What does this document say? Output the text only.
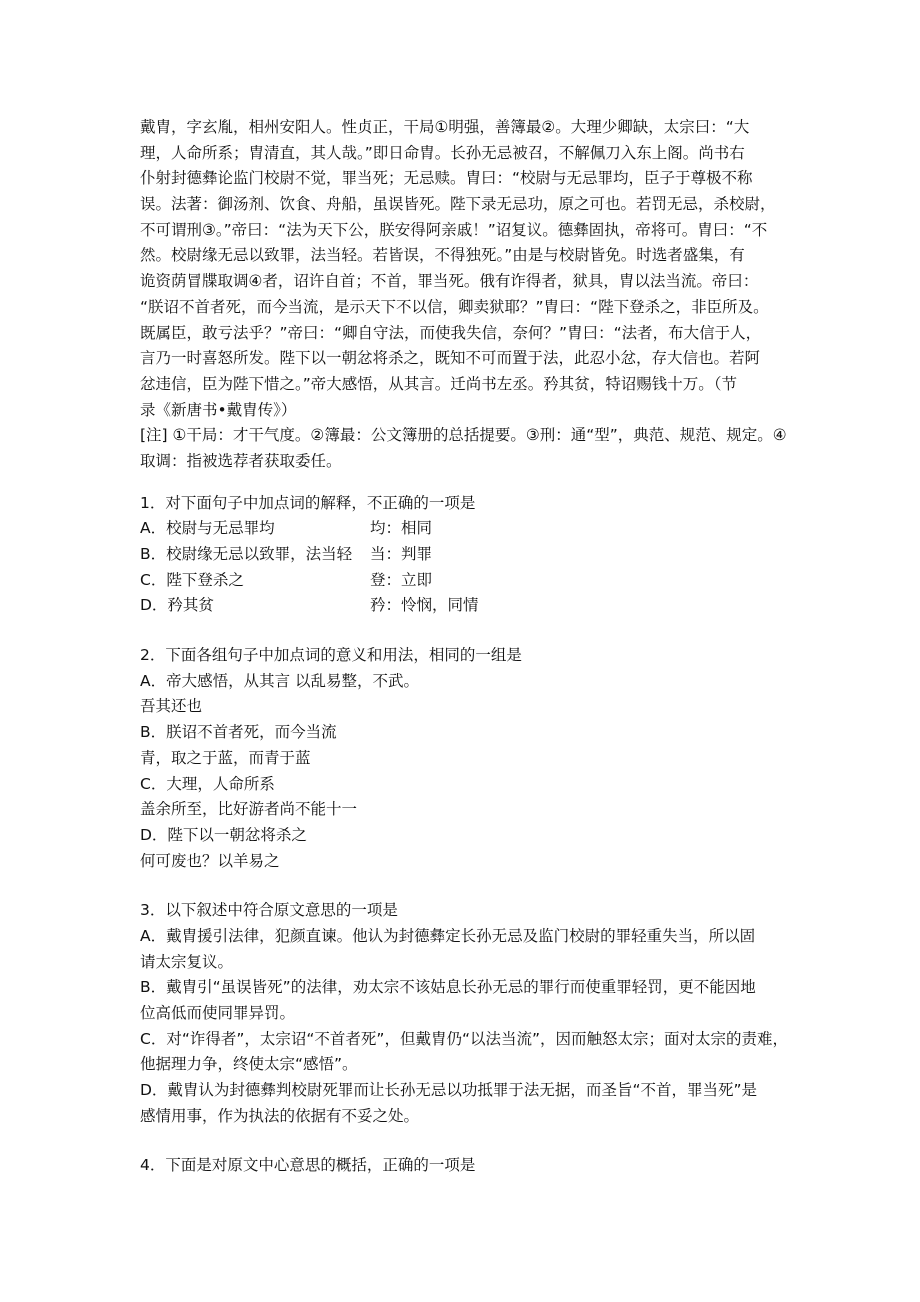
戴胄，字玄胤，相州安阳人。性贞正，干局①明强，善簿最②。大理少卿缺，太宗曰：“大
理，人命所系；胄清直，其人哉。”即日命胄。长孙无忌被召，不解佩刀入东上阁。尚书右
仆射封德彝论监门校尉不觉，罪当死；无忌赎。胄曰：“校尉与无忌罪均，臣子于尊极不称
误。法著：御汤剂、饮食、舟船，虽误皆死。陛下录无忌功，原之可也。若罚无忌，杀校尉，
不可谓刑③。”帝曰：“法为天下公，朕安得阿亲戚！”诏复议。德彝固执，帝将可。胄曰：“不
然。校尉缘无忌以致罪，法当轻。若皆误，不得独死。”由是与校尉皆免。时选者盛集，有
诡资荫冒牒取调④者，诏许自首；不首，罪当死。俄有诈得者，狱具，胄以法当流。帝曰：
“朕诏不首者死，而今当流，是示天下不以信，卿卖狱耶？”胄曰：“陛下登杀之，非臣所及。
既属臣，敢亏法乎？”帝曰：“卿自守法，而使我失信，奈何？”胄曰：“法者，布大信于人，
言乃一时喜怒所发。陛下以一朝忿将杀之，既知不可而置于法，此忍小忿，存大信也。若阿
忿违信，臣为陛下惜之。”帝大感悟，从其言。迁尚书左丞。矜其贫，特诏赐钱十万。（节
录《新唐书•戴胄传》）
[注] ①干局：才干气度。②簿最：公文簿册的总括提要。③刑：通“型”，典范、规范、规定。④
取调：指被选荐者获取委任。
1．对下面句子中加点词的解释，不正确的一项是
A．校尉与无忌罪均	均：相同
B．校尉缘无忌以致罪，法当轻	当：判罪
C．陛下登杀之	登：立即
D．矜其贫	矜：怜悯，同情
2．下面各组句子中加点词的意义和用法，相同的一组是
A．帝大感悟，从其言 以乱易整，不武。
吾其还也
B．朕诏不首者死，而今当流
青，取之于蓝，而青于蓝
C．大理，人命所系
盖余所至，比好游者尚不能十一
D．陛下以一朝忿将杀之
何可废也？以羊易之
3．以下叙述中符合原文意思的一项是
A．戴胄援引法律，犯颜直谏。他认为封德彝定长孙无忌及监门校尉的罪轻重失当，所以固
请太宗复议。
B．戴胄引“虽误皆死”的法律，劝太宗不该姑息长孙无忌的罪行而使重罪轻罚，更不能因地
位高低而使同罪异罚。
C．对“诈得者”，太宗诏“不首者死”，但戴胄仍“以法当流”，因而触怒太宗；面对太宗的责难，
他据理力争，终使太宗“感悟”。
D．戴胄认为封德彝判校尉死罪而让长孙无忌以功抵罪于法无据，而圣旨“不首，罪当死”是
感情用事，作为执法的依据有不妥之处。
4．下面是对原文中心意思的概括，正确的一项是
